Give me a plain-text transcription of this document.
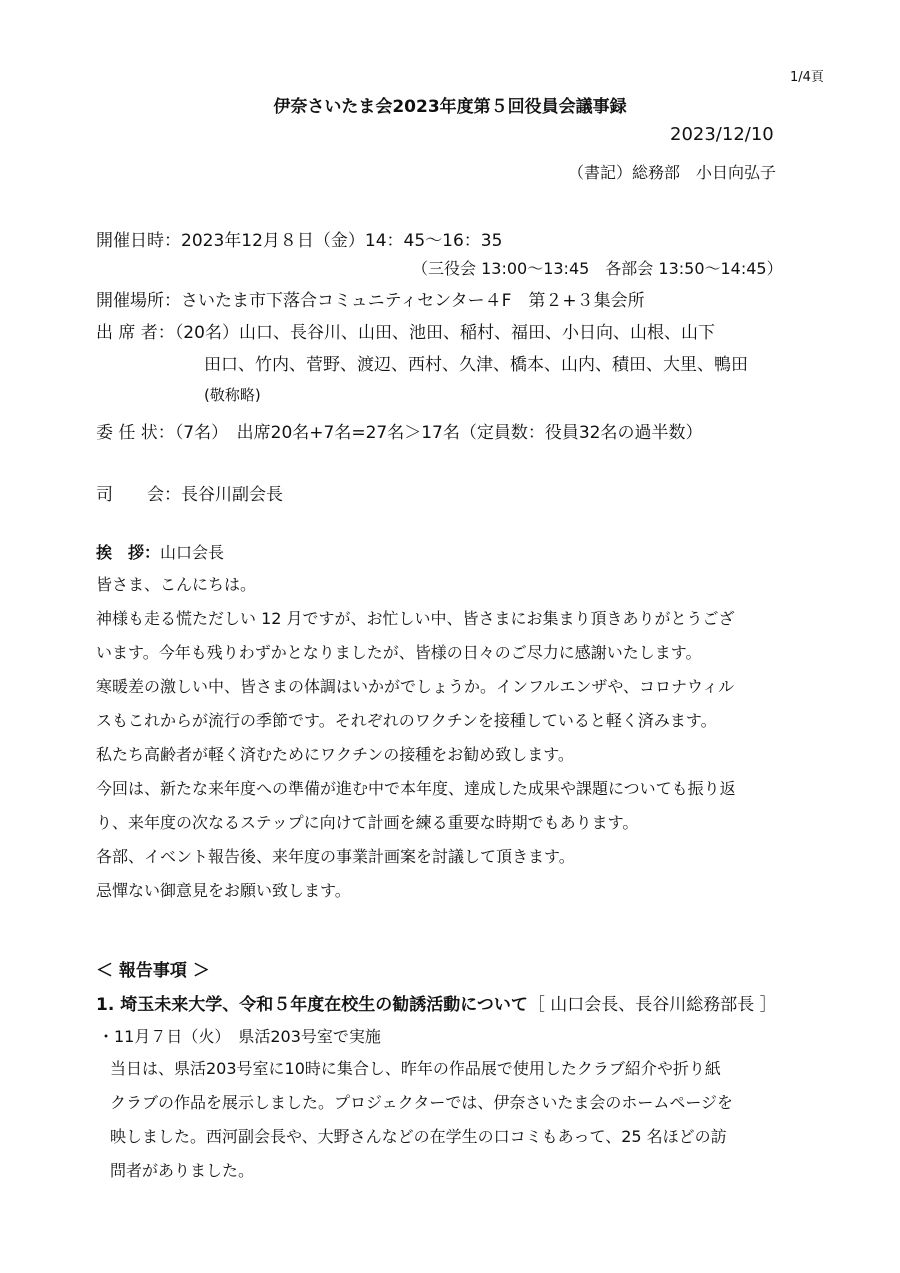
1/4頁
伊奈さいたま会2023年度第５回役員会議事録
2023/12/10
（書記）総務部　小日向弘子
開催日時：2023年12月８日（金）14：45～16：35
（三役会 13:00～13:45　各部会 13:50～14:45）
開催場所：さいたま市下落合コミュニティセンター４F　第２+３集会所
出 席 者：（20名）山口、長谷川、山田、池田、稲村、福田、小日向、山根、山下
田口、竹内、菅野、渡辺、西村、久津、橋本、山内、積田、大里、鴨田
(敬称略)
委 任 状：（7名）　出席20名+7名=27名＞17名（定員数：役員32名の過半数）
司　　会：長谷川副会長
挨　拶：山口会長
皆さま、こんにちは。
神様も走る慌ただしい 12 月ですが、お忙しい中、皆さまにお集まり頂きありがとうござ
います。今年も残りわずかとなりましたが、皆様の日々のご尽力に感謝いたします。
寒暖差の激しい中、皆さまの体調はいかがでしょうか。インフルエンザや、コロナウィル
スもこれからが流行の季節です。それぞれのワクチンを接種していると軽く済みます。
私たち高齢者が軽く済むためにワクチンの接種をお勧め致します。
今回は、新たな来年度への準備が進む中で本年度、達成した成果や課題についても振り返
り、来年度の次なるステップに向けて計画を練る重要な時期でもあります。
各部、イベント報告後、来年度の事業計画案を討議して頂きます。
忌憚ない御意見をお願い致します。
＜ 報告事項 ＞
1. 埼玉未来大学、令和５年度在校生の勧誘活動について［ 山口会長、長谷川総務部長 ］
・11月７日（火）　県活203号室で実施
当日は、県活203号室に10時に集合し、昨年の作品展で使用したクラブ紹介や折り紙
クラブの作品を展示しました。プロジェクターでは、伊奈さいたま会のホームページを
映しました。西河副会長や、大野さんなどの在学生の口コミもあって、25 名ほどの訪
問者がありました。
